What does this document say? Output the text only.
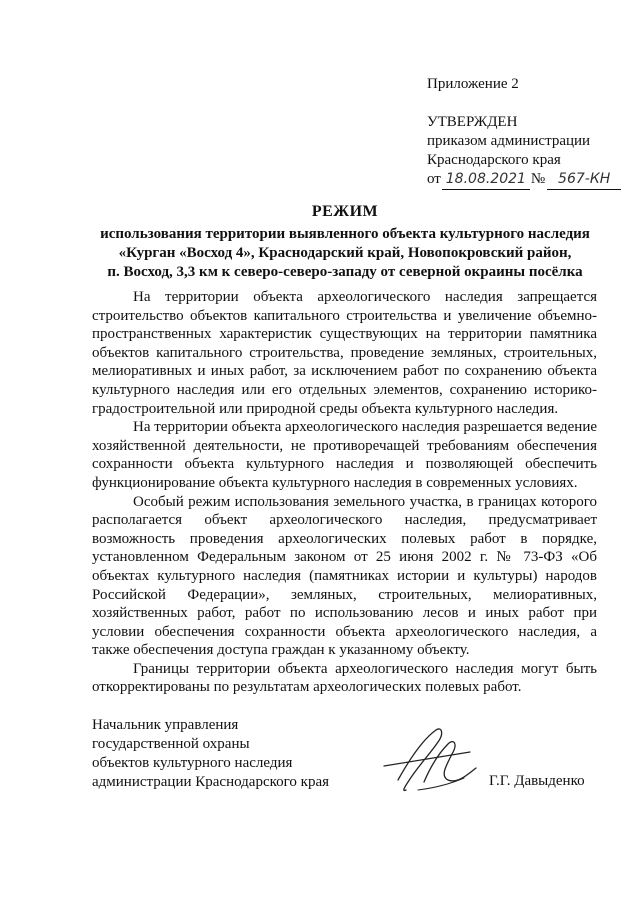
Приложение 2
УТВЕРЖДЕН
приказом администрации
Краснодарского края
от 18.08.2021 № 567-КН
РЕЖИМ
использования территории выявленного объекта культурного наследия
«Курган «Восход 4», Краснодарский край, Новопокровский район,
п. Восход, 3,3 км к северо-северо-западу от северной окраины посёлка

На территории объекта археологического наследия запрещается строительство объектов капитального строительства и увеличение объемно-пространственных характеристик существующих на территории памятника объектов капитального строительства, проведение земляных, строительных, мелиоративных и иных работ, за исключением работ по сохранению объекта культурного наследия или его отдельных элементов, сохранению историко-градостроительной или природной среды объекта культурного наследия.

На территории объекта археологического наследия разрешается ведение хозяйственной деятельности, не противоречащей требованиям обеспечения сохранности объекта культурного наследия и позволяющей обеспечить функционирование объекта культурного наследия в современных условиях.

Особый режим использования земельного участка, в границах которого располагается объект археологического наследия, предусматривает возможность проведения археологических полевых работ в порядке, установленном Федеральным законом от 25 июня 2002 г. № 73-ФЗ «Об объектах культурного наследия (памятниках истории и культуры) народов Российской Федерации», земляных, строительных, мелиоративных, хозяйственных работ, работ по использованию лесов и иных работ при условии обеспечения сохранности объекта археологического наследия, а также обеспечения доступа граждан к указанному объекту.

Границы территории объекта археологического наследия могут быть откорректированы по результатам археологических полевых работ.

Начальник управления
государственной охраны
объектов культурного наследия
администрации Краснодарского края	Г.Г. Давыденко
